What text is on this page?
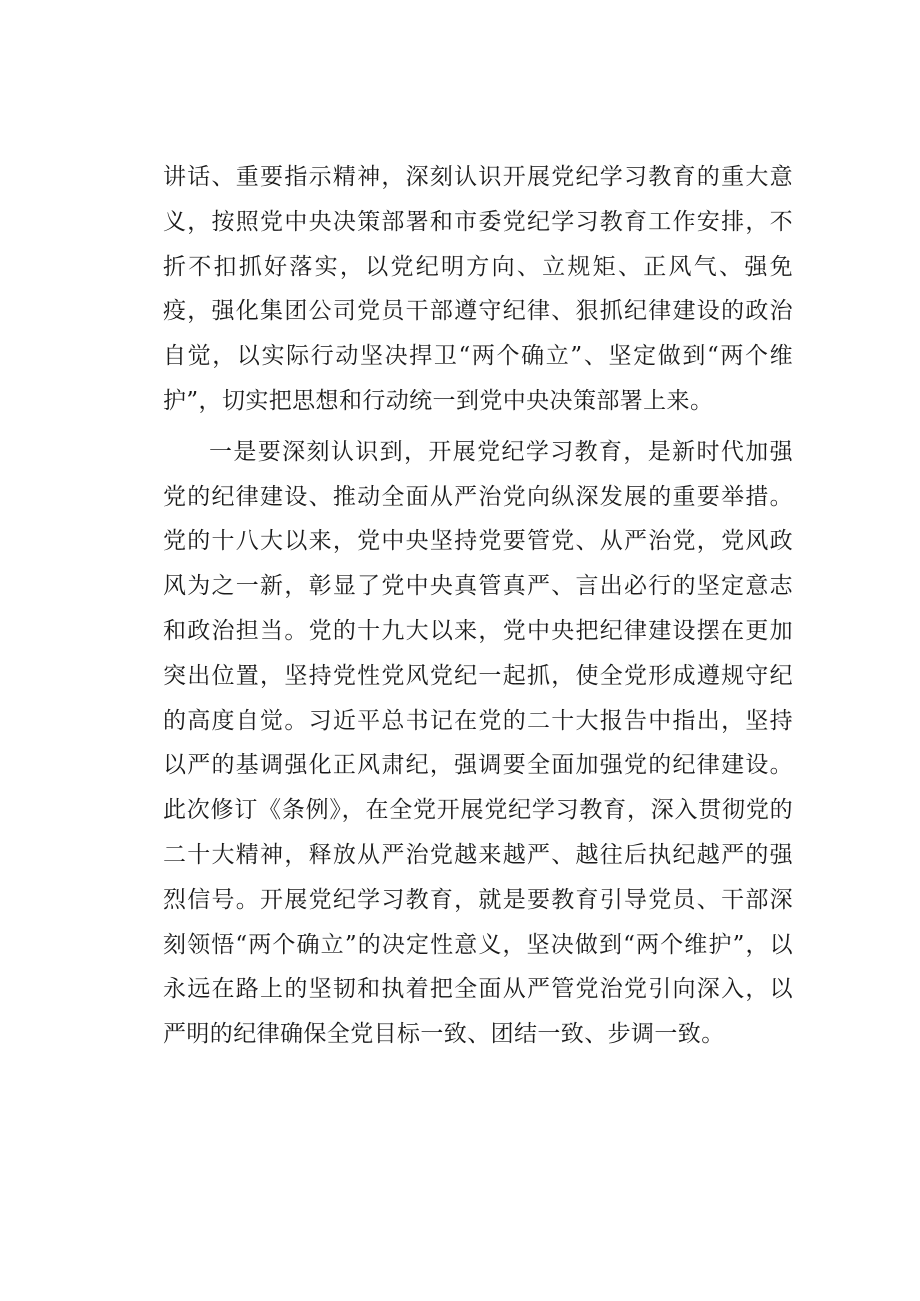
讲话、重要指示精神，深刻认识开展党纪学习教育的重大意义，按照党中央决策部署和市委党纪学习教育工作安排，不折不扣抓好落实，以党纪明方向、立规矩、正风气、强免疫，强化集团公司党员干部遵守纪律、狠抓纪律建设的政治自觉，以实际行动坚决捍卫“两个确立”、坚定做到“两个维护”，切实把思想和行动统一到党中央决策部署上来。

一是要深刻认识到，开展党纪学习教育，是新时代加强党的纪律建设、推动全面从严治党向纵深发展的重要举措。党的十八大以来，党中央坚持党要管党、从严治党，党风政风为之一新，彰显了党中央真管真严、言出必行的坚定意志和政治担当。党的十九大以来，党中央把纪律建设摆在更加突出位置，坚持党性党风党纪一起抓，使全党形成遵规守纪的高度自觉。习近平总书记在党的二十大报告中指出，坚持以严的基调强化正风肃纪，强调要全面加强党的纪律建设。此次修订《条例》，在全党开展党纪学习教育，深入贯彻党的二十大精神，释放从严治党越来越严、越往后执纪越严的强烈信号。开展党纪学习教育，就是要教育引导党员、干部深刻领悟“两个确立”的决定性意义，坚决做到“两个维护”，以永远在路上的坚韧和执着把全面从严管党治党引向深入，以严明的纪律确保全党目标一致、团结一致、步调一致。
